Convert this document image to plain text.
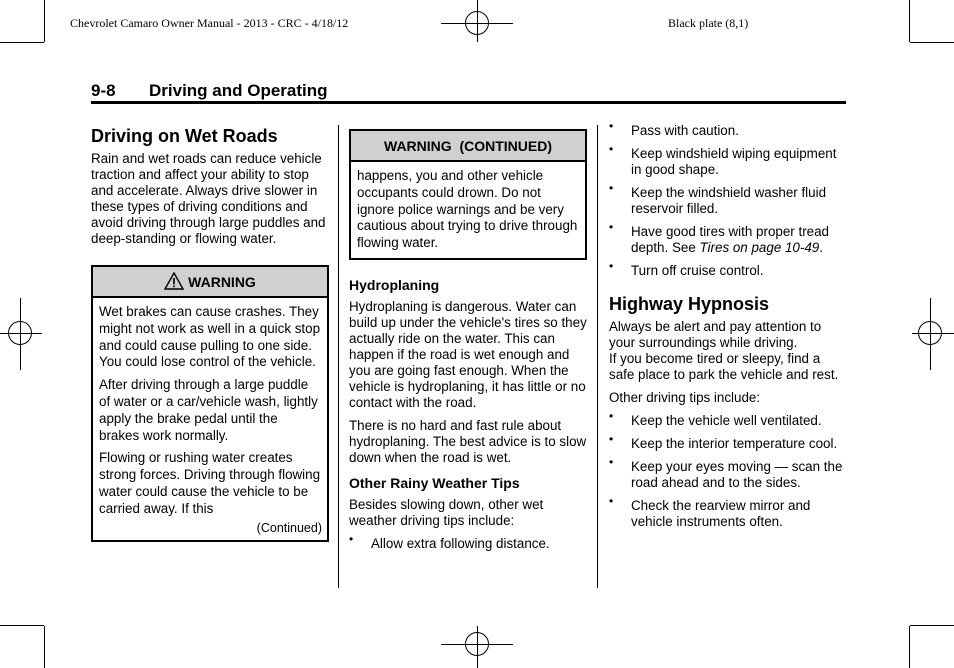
Chevrolet Camaro Owner Manual - 2013 - CRC - 4/18/12	Black plate (8,1)
9-8 Driving and Operating
Driving on Wet Roads

Rain and wet roads can reduce vehicle traction and affect your ability to stop and accelerate. Always drive slower in these types of driving conditions and avoid driving through large puddles and deep-standing or flowing water.

WARNING

Wet brakes can cause crashes. They might not work as well in a quick stop and could cause pulling to one side. You could lose control of the vehicle.

After driving through a large puddle of water or a car/vehicle wash, lightly apply the brake pedal until the brakes work normally.

Flowing or rushing water creates strong forces. Driving through flowing water could cause the vehicle to be carried away. If this

(Continued)
WARNING  (CONTINUED)

happens, you and other vehicle occupants could drown. Do not ignore police warnings and be very cautious about trying to drive through flowing water.

Hydroplaning

Hydroplaning is dangerous. Water can build up under the vehicle's tires so they actually ride on the water. This can happen if the road is wet enough and you are going fast enough. When the vehicle is hydroplaning, it has little or no contact with the road.

There is no hard and fast rule about hydroplaning. The best advice is to slow down when the road is wet.

Other Rainy Weather Tips

Besides slowing down, other wet weather driving tips include:

• Allow extra following distance.
• Pass with caution.
• Keep windshield wiping equipment in good shape.
• Keep the windshield washer fluid reservoir filled.
• Have good tires with proper tread depth. See Tires on page 10-49.
• Turn off cruise control.
Highway Hypnosis

Always be alert and pay attention to your surroundings while driving.

If you become tired or sleepy, find a safe place to park the vehicle and rest.

Other driving tips include:

• Keep the vehicle well ventilated.
• Keep the interior temperature cool.
• Keep your eyes moving — scan the road ahead and to the sides.
• Check the rearview mirror and vehicle instruments often.
